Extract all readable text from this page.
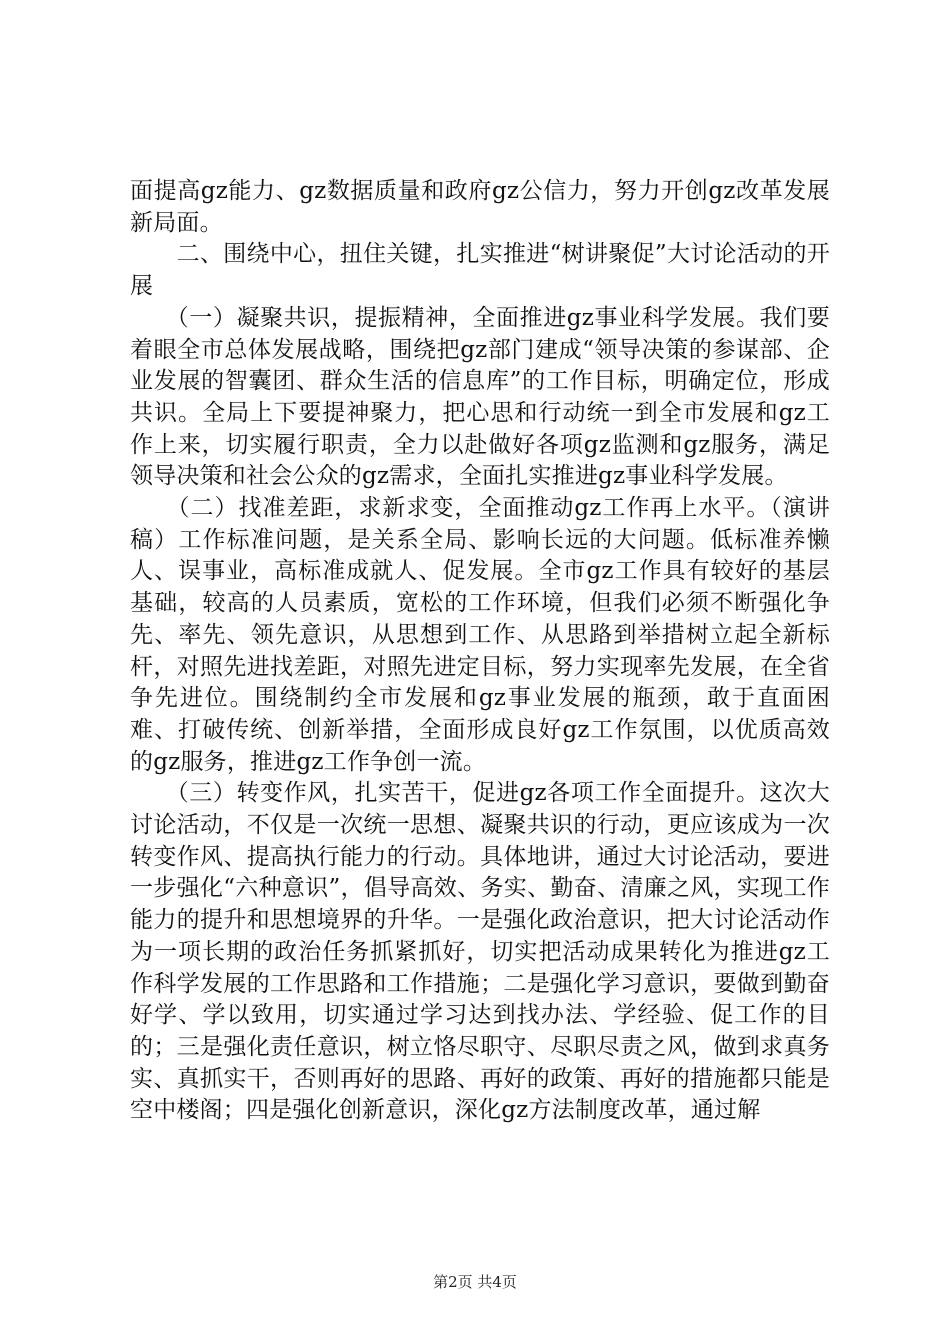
面提高gz能力、gz数据质量和政府gz公信力，努力开创gz改革发展新局面。

　　二、围绕中心，扭住关键，扎实推进“树讲聚促”大讨论活动的开展

　　（一）凝聚共识，提振精神，全面推进gz事业科学发展。我们要着眼全市总体发展战略，围绕把gz部门建成“领导决策的参谋部、企业发展的智囊团、群众生活的信息库”的工作目标，明确定位，形成共识。全局上下要提神聚力，把心思和行动统一到全市发展和gz工作上来，切实履行职责，全力以赴做好各项gz监测和gz服务，满足领导决策和社会公众的gz需求，全面扎实推进gz事业科学发展。

　　（二）找准差距，求新求变，全面推动gz工作再上水平。（演讲稿）工作标准问题，是关系全局、影响长远的大问题。低标准养懒人、误事业，高标准成就人、促发展。全市gz工作具有较好的基层基础，较高的人员素质，宽松的工作环境，但我们必须不断强化争先、率先、领先意识，从思想到工作、从思路到举措树立起全新标杆，对照先进找差距，对照先进定目标，努力实现率先发展，在全省争先进位。围绕制约全市发展和gz事业发展的瓶颈，敢于直面困难、打破传统、创新举措，全面形成良好gz工作氛围，以优质高效的gz服务，推进gz工作争创一流。

　　（三）转变作风，扎实苦干，促进gz各项工作全面提升。这次大讨论活动，不仅是一次统一思想、凝聚共识的行动，更应该成为一次转变作风、提高执行能力的行动。具体地讲，通过大讨论活动，要进一步强化“六种意识”，倡导高效、务实、勤奋、清廉之风，实现工作能力的提升和思想境界的升华。一是强化政治意识，把大讨论活动作为一项长期的政治任务抓紧抓好，切实把活动成果转化为推进gz工作科学发展的工作思路和工作措施；二是强化学习意识，要做到勤奋好学、学以致用，切实通过学习达到找办法、学经验、促工作的目的；三是强化责任意识，树立恪尽职守、尽职尽责之风，做到求真务实、真抓实干，否则再好的思路、再好的政策、再好的措施都只能是空中楼阁；四是强化创新意识，深化gz方法制度改革，通过解

第2页 共4页
